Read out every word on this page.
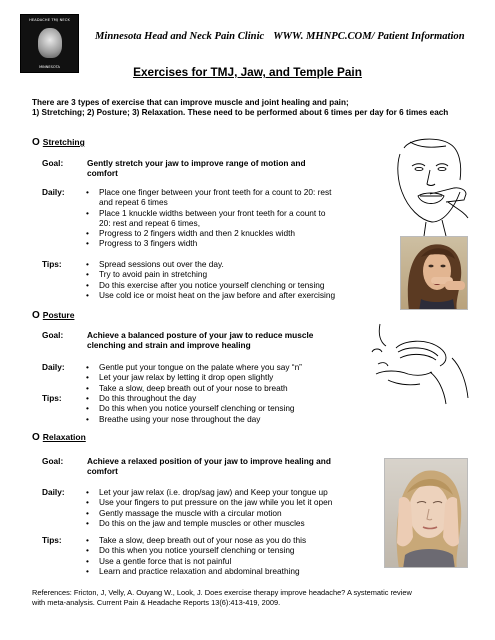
HEADACHE TMJ NECK
MINNESOTA
Minnesota Head and Neck Pain Clinic WWW. MHNPC.COM/ Patient Information
Exercises for TMJ, Jaw, and Temple Pain
There are 3 types of exercise that can improve muscle and joint healing and pain;
1) Stretching; 2) Posture; 3) Relaxation. These need to be performed about 6 times per day for 6 times each
O Stretching
Goal:	Gently stretch your jaw to improve range of motion and
comfort
Daily:	• Place one finger between your front teeth for a count to 20: rest
and repeat 6 times
• Place 1 knuckle widths between your front teeth for a count to
20: rest and repeat 6 times,
• Progress to 2 fingers width and then 2 knuckles width
• Progress to 3 fingers width
Tips:	• Spread sessions out over the day.
• Try to avoid pain in stretching
• Do this exercise after you notice yourself clenching or tensing
• Use cold ice or moist heat on the jaw before and after exercising
O Posture
Goal:	Achieve a balanced posture of your jaw to reduce muscle
clenching and strain and improve healing
Daily:	• Gentle put your tongue on the palate where you say “n”
• Let your jaw relax by letting it drop open slightly
• Take a slow, deep breath out of your nose to breath
Tips:	• Do this throughout the day
• Do this when you notice yourself clenching or tensing
• Breathe using your nose throughout the day
O Relaxation
Goal:	Achieve a relaxed position of your jaw to improve healing and
comfort
Daily:	• Let your jaw relax (i.e. drop/sag jaw) and Keep your tongue up
• Use your fingers to put pressure on the jaw while you let it open
• Gently massage the muscle with a circular motion
• Do this on the jaw and temple muscles or other muscles
Tips:	• Take a slow, deep breath out of your nose as you do this
• Do this when you notice yourself clenching or tensing
• Use a gentle force that is not painful
• Learn and practice relaxation and abdominal breathing
References: Fricton, J, Velly, A. Ouyang W., Look, J. Does exercise therapy improve headache? A systematic review
with meta-analysis. Current Pain & Headache Reports 13(6):413-419, 2009.
